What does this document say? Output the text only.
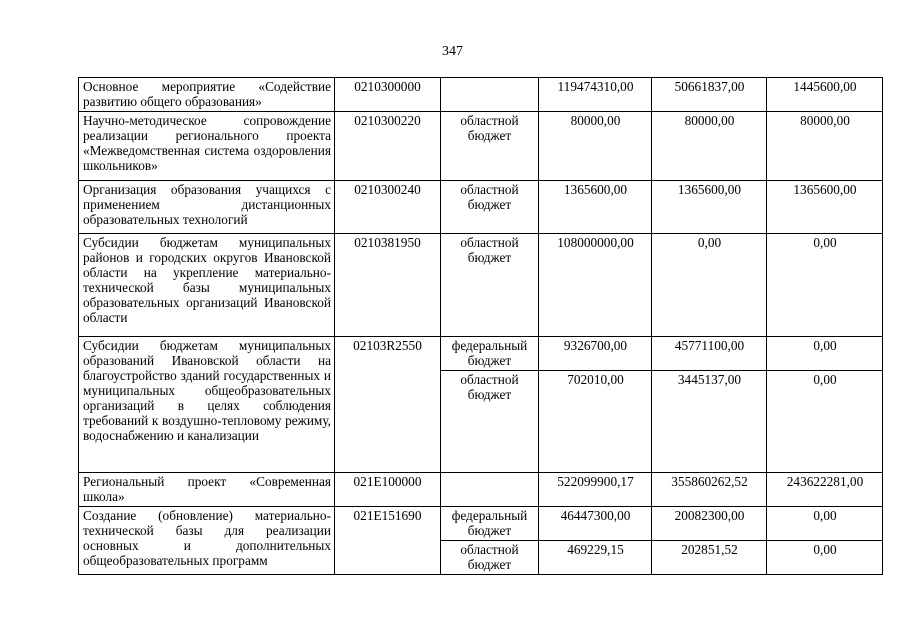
347
Основное мероприятие «Содействие развитию общего образования»	0210300000		119474310,00	50661837,00	1445600,00
Научно-методическое сопровождение реализации регионального проекта «Межведомственная система оздоровления школьников»	0210300220	областной бюджет	80000,00	80000,00	80000,00
Организация образования учащихся с применением дистанционных образовательных технологий	0210300240	областной бюджет	1365600,00	1365600,00	1365600,00
Субсидии бюджетам муниципальных районов и городских округов Ивановской области на укрепление материально-технической базы муниципальных образовательных организаций Ивановской области	0210381950	областной бюджет	108000000,00	0,00	0,00
Субсидии бюджетам муниципальных образований Ивановской области на благоустройство зданий государственных и муниципальных общеобразовательных организаций в целях соблюдения требований к воздушно-тепловому режиму, водоснабжению и канализации	02103R2550	федеральный бюджет	9326700,00	45771100,00	0,00
		областной бюджет	702010,00	3445137,00	0,00
Региональный проект «Современная школа»	021E100000		522099900,17	355860262,52	243622281,00
Создание (обновление) материально-технической базы для реализации основных и дополнительных общеобразовательных программ	021E151690	федеральный бюджет	46447300,00	20082300,00	0,00
		областной бюджет	469229,15	202851,52	0,00
